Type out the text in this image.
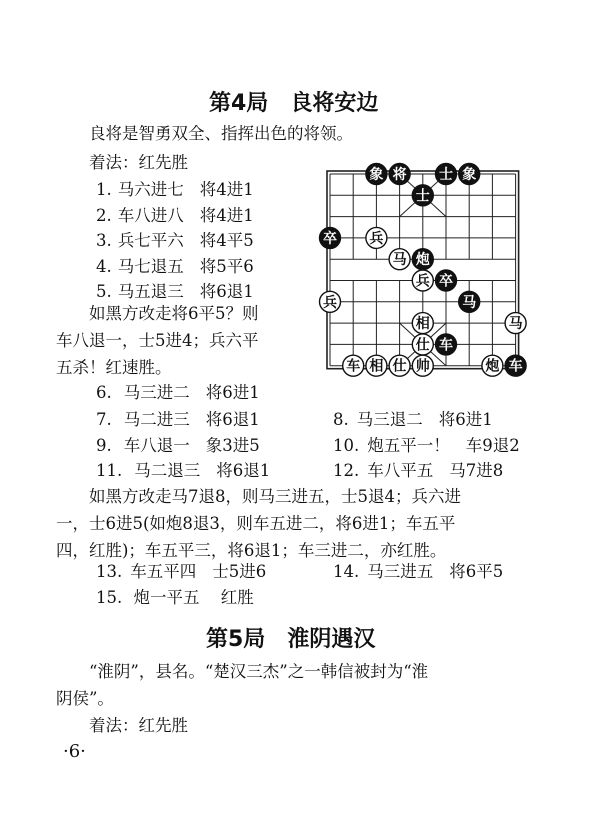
第4局 良将安边
良将是智勇双全、指挥出色的将领。
着法：红先胜
1. 马六进七 将4进1
2. 车八进八 将4进1
3. 兵七平六 将4平5
4. 马七退五 将5平6
5. 马五退三 将6退1
如黑方改走将6平5？则
车八退一，士5进4；兵六平
五杀！红速胜。
6. 马三进二 将6进1
7. 马二进三 将6退1	8. 马三退二 将6进1
9. 车八退一 象3进5	10. 炮五平一！ 车9退2
11. 马二退三 将6退1	12. 车八平五 马7进8
如黑方改走马7退8，则马三进五，士5退4；兵六进
一，士6进5(如炮8退3，则车五进二，将6进1；车五平
四，红胜)；车五平三，将6退1；车三进二，亦红胜。
13. 车五平四 士5进6	14. 马三进五 将6平5
15. 炮一平五 红胜
第5局 淮阴遇汉
“淮阴”，县名。“楚汉三杰”之一韩信被封为“淮
阴侯”。
着法：红先胜
·6·
象 将 士 象
士
卒 兵
炮
马
兵 卒
马
兵
相	马
仕 车
车 相 仕 帅	炮 车
